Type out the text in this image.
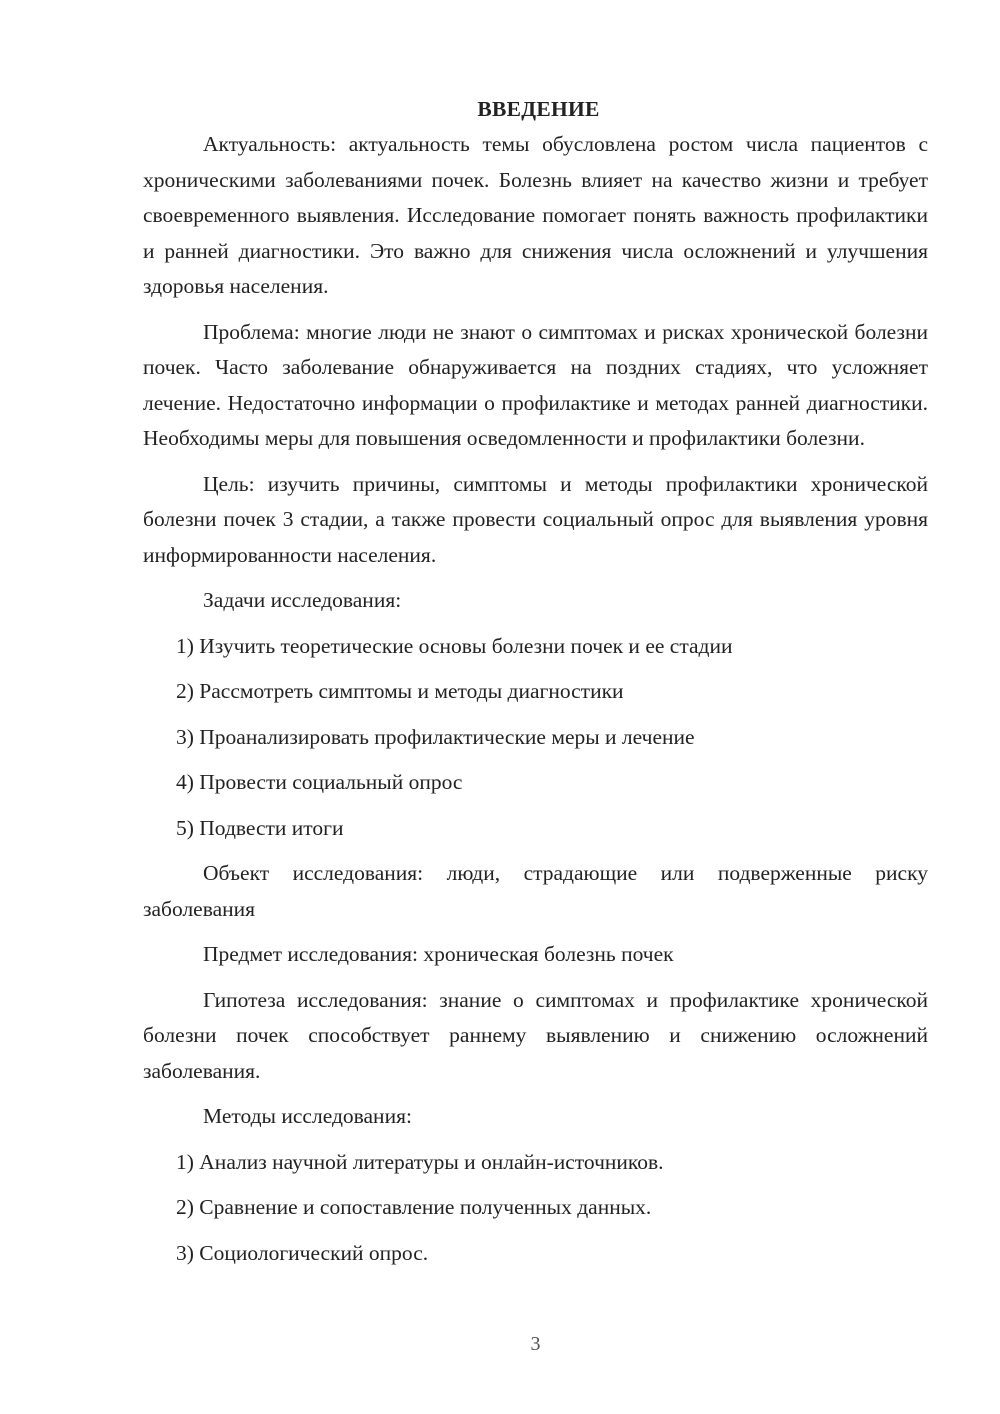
ВВЕДЕНИЕ

Актуальность: актуальность темы обусловлена ростом числа пациентов с хроническими заболеваниями почек. Болезнь влияет на качество жизни и требует своевременного выявления. Исследование помогает понять важность профилактики и ранней диагностики. Это важно для снижения числа осложнений и улучшения здоровья населения.

Проблема: многие люди не знают о симптомах и рисках хронической болезни почек. Часто заболевание обнаруживается на поздних стадиях, что усложняет лечение. Недостаточно информации о профилактике и методах ранней диагностики. Необходимы меры для повышения осведомленности и профилактики болезни.

Цель: изучить причины, симптомы и методы профилактики хронической болезни почек 3 стадии, а также провести социальный опрос для выявления уровня информированности населения.

Задачи исследования:

1) Изучить теоретические основы болезни почек и ее стадии
2) Рассмотреть симптомы и методы диагностики
3) Проанализировать профилактические меры и лечение
4) Провести социальный опрос
5) Подвести итоги

Объект исследования: люди, страдающие или подверженные риску заболевания

Предмет исследования: хроническая болезнь почек

Гипотеза исследования: знание о симптомах и профилактике хронической болезни почек способствует раннему выявлению и снижению осложнений заболевания.

Методы исследования:

1) Анализ научной литературы и онлайн-источников.
2) Сравнение и сопоставление полученных данных.
3) Социологический опрос.
3
